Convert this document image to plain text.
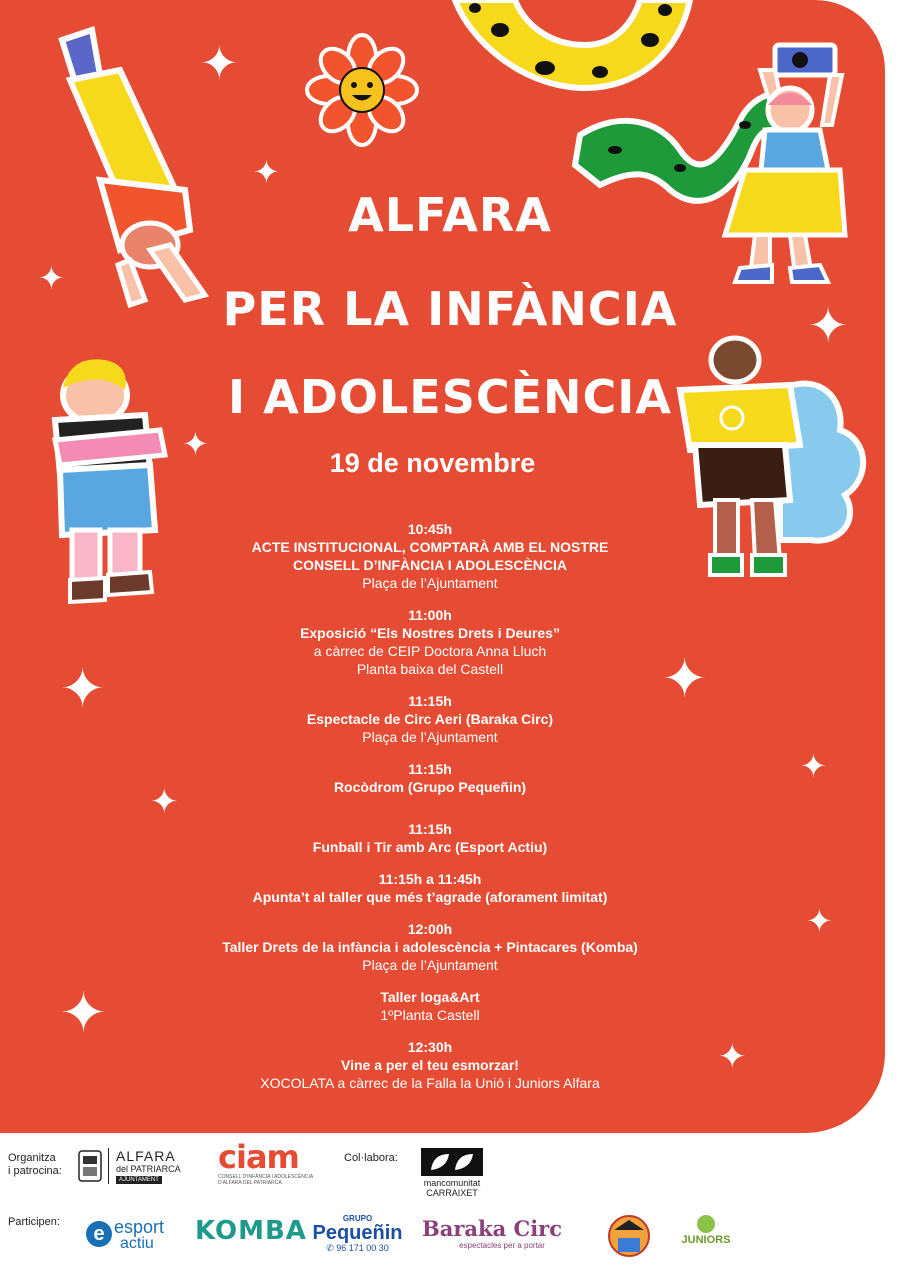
✦
✦
✦
✦
✦
✦	✦
✦
✦
✦
✦
✦
ALFARA
PER LA INFÀNCIA
I ADOLESCÈNCIA
19 de novembre
10:45h
ACTE INSTITUCIONAL, COMPTARÀ AMB EL NOSTRE
CONSELL D’INFÀNCIA I ADOLESCÈNCIA
Plaça de l’Ajuntament
11:00h
Exposició “Els Nostres Drets i Deures”
a càrrec de CEIP Doctora Anna Lluch
Planta baixa del Castell
11:15h
Espectacle de Circ Aeri (Baraka Circ)
Plaça de l’Ajuntament
11:15h
Rocòdrom (Grupo Pequeñin)
11:15h
Funball i Tir amb Arc (Esport Actiu)
11:15h a 11:45h
Apunta’t al taller que més t’agrade (aforament limitat)
12:00h
Taller Drets de la infància i adolescència + Pintacares (Komba)
Plaça de l’Ajuntament
Taller Ioga&Art
1ºPlanta Castell
12:30h
Vine a per el teu esmorzar!
XOCOLATA a càrrec de la Falla la Unió i Juniors Alfara
Organitza
i patrocina:
ALFARA
del PATRIARCA
AJUNTAMENT
ciam
CONSELL D'INFÀNCIA I ADOLESCÈNCIA
D'ALFARA DEL PATRIARCA
Col·labora:
mancomunitat
CARRAIXET
Participen:
e esport
actiu KOMBA	GRUPO
Pequeñin
✆ 96 171 00 30
Baraka Circ
espectacles per a portar	JUNIORS
